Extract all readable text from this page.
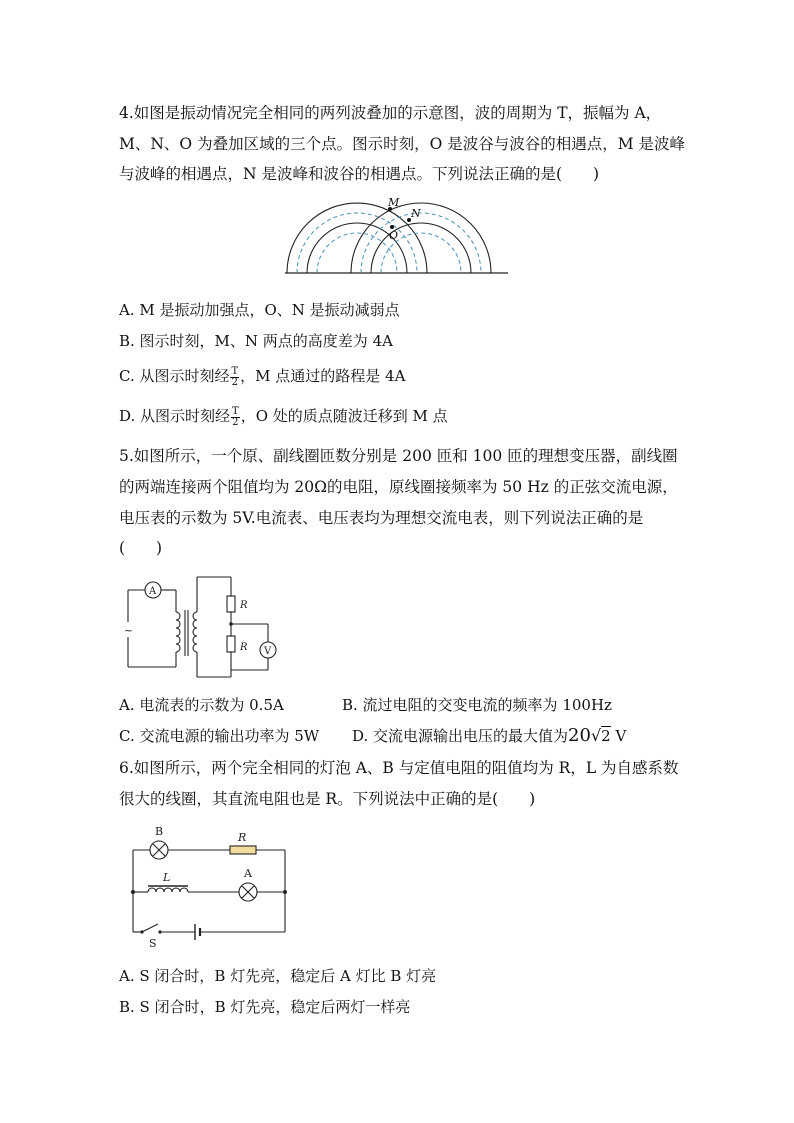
4.如图是振动情况完全相同的两列波叠加的示意图，波的周期为 T，振幅为 A，
M、N、O 为叠加区域的三个点。图示时刻，O 是波谷与波谷的相遇点，M 是波峰
与波峰的相遇点，N 是波峰和波谷的相遇点。下列说法正确的是(　　)
M
N
O
A. M 是振动加强点，O、N 是振动减弱点
B. 图示时刻，M、N 两点的高度差为 4A
C. 从图示时刻经 $\frac{T}{2}$ ，M 点通过的路程是 4A
D. 从图示时刻经 $\frac{T}{2}$ ，O 处的质点随波迁移到 M 点
5.如图所示，一个原、副线圈匝数分别是 200 匝和 100 匝的理想变压器，副线圈
的两端连接两个阻值均为 20Ω的电阻，原线圈接频率为 50 Hz 的正弦交流电源，
电压表的示数为 5V.电流表、电压表均为理想交流电表，则下列说法正确的是
(　　)
A
V
R
R
~
A. 电流表的示数为 0.5A	B. 流过电阻的交变电流的频率为 100Hz
C. 交流电源的输出功率为 5W D. 交流电源输出电压的最大值为20√2 V
6.如图所示，两个完全相同的灯泡 A、B 与定值电阻的阻值均为 R，L 为自感系数
很大的线圈，其直流电阻也是 R。下列说法中正确的是(　　)
B	R
L	A
S
A. S 闭合时，B 灯先亮，稳定后 A 灯比 B 灯亮
B. S 闭合时，B 灯先亮，稳定后两灯一样亮
